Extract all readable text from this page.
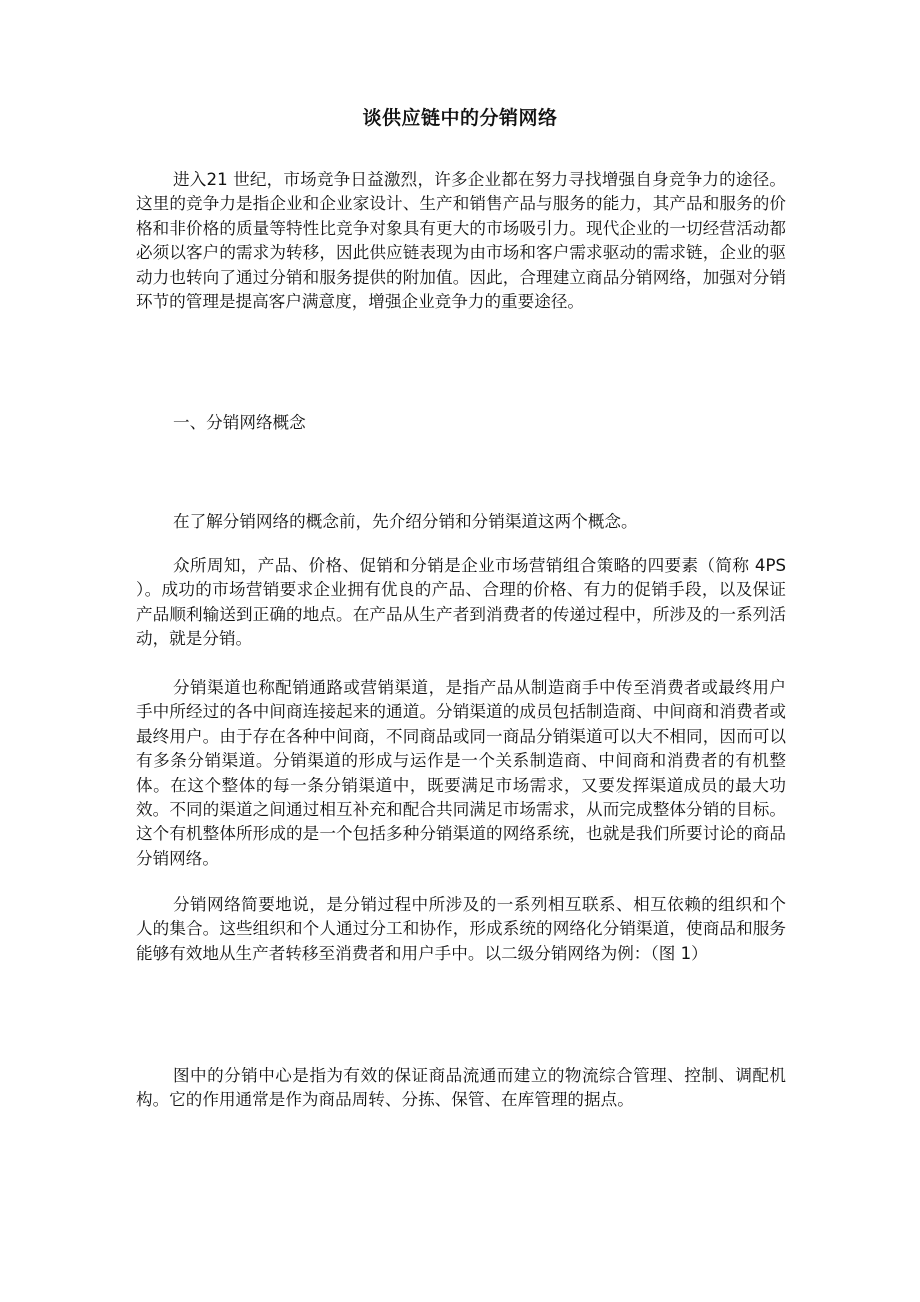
谈供应链中的分销网络

进入21 世纪，市场竞争日益激烈，许多企业都在努力寻找增强自身竞争力的途径。这里的竞争力是指企业和企业家设计、生产和销售产品与服务的能力，其产品和服务的价格和非价格的质量等特性比竞争对象具有更大的市场吸引力。现代企业的一切经营活动都必须以客户的需求为转移，因此供应链表现为由市场和客户需求驱动的需求链，企业的驱动力也转向了通过分销和服务提供的附加值。因此，合理建立商品分销网络，加强对分销环节的管理是提高客户满意度，增强企业竞争力的重要途径。

一、分销网络概念

在了解分销网络的概念前，先介绍分销和分销渠道这两个概念。

众所周知，产品、价格、促销和分销是企业市场营销组合策略的四要素（简称 4PS ）。成功的市场营销要求企业拥有优良的产品、合理的价格、有力的促销手段，以及保证产品顺利输送到正确的地点。在产品从生产者到消费者的传递过程中，所涉及的一系列活动，就是分销。

分销渠道也称配销通路或营销渠道，是指产品从制造商手中传至消费者或最终用户手中所经过的各中间商连接起来的通道。分销渠道的成员包括制造商、中间商和消费者或最终用户。由于存在各种中间商，不同商品或同一商品分销渠道可以大不相同，因而可以有多条分销渠道。分销渠道的形成与运作是一个关系制造商、中间商和消费者的有机整体。在这个整体的每一条分销渠道中，既要满足市场需求，又要发挥渠道成员的最大功效。不同的渠道之间通过相互补充和配合共同满足市场需求，从而完成整体分销的目标。这个有机整体所形成的是一个包括多种分销渠道的网络系统，也就是我们所要讨论的商品分销网络。

分销网络简要地说，是分销过程中所涉及的一系列相互联系、相互依赖的组织和个人的集合。这些组织和个人通过分工和协作，形成系统的网络化分销渠道，使商品和服务能够有效地从生产者转移至消费者和用户手中。以二级分销网络为例：（图 1）

图中的分销中心是指为有效的保证商品流通而建立的物流综合管理、控制、调配机构。它的作用通常是作为商品周转、分拣、保管、在库管理的据点。
